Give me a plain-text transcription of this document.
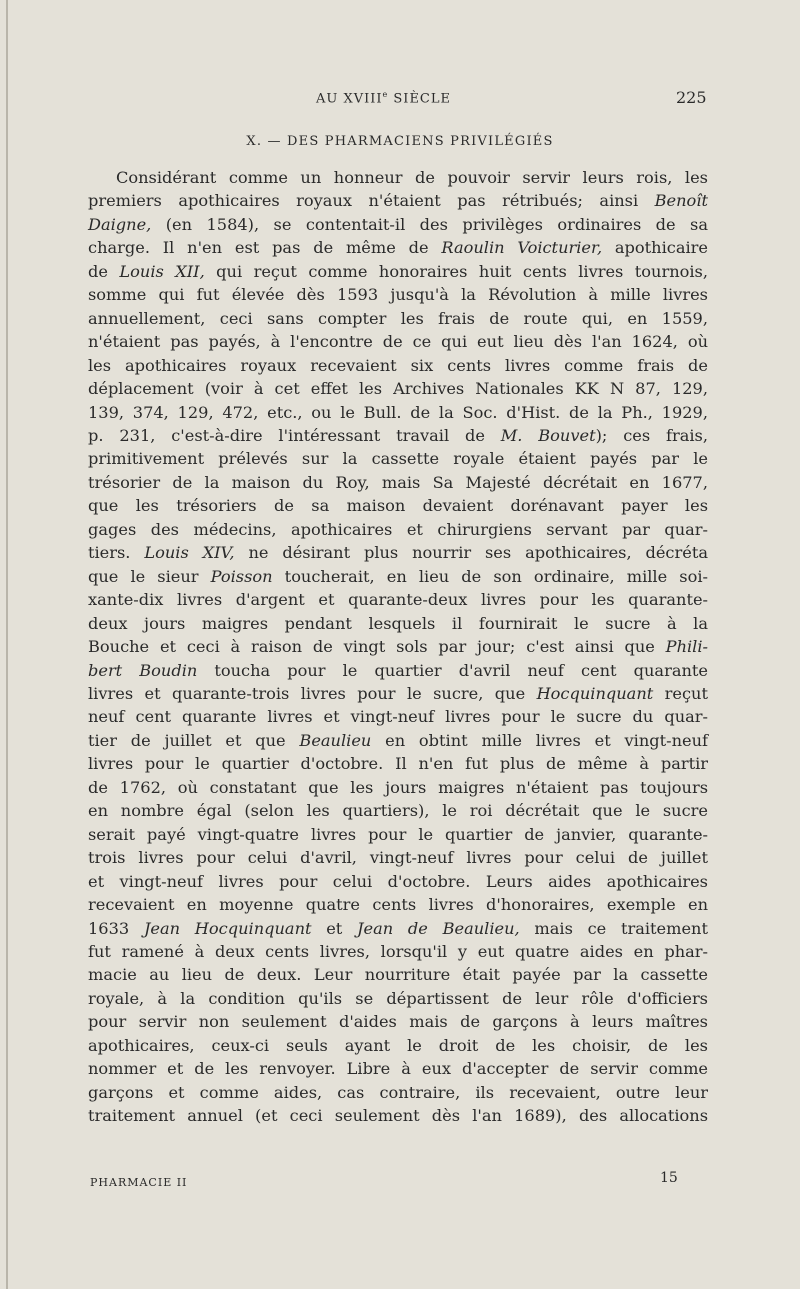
AU XVIIIe SIÈCLE	225
X. — DES PHARMACIENS PRIVILÉGIÉS
Considérant comme un honneur de pouvoir servir leurs rois, les
premiers apothicaires royaux n'étaient pas rétribués; ainsi Benoît
Daigne, (en 1584), se contentait-il des privilèges ordinaires de sa
charge. Il n'en est pas de même de Raoulin Voicturier, apothicaire
de Louis XII, qui reçut comme honoraires huit cents livres tournois,
somme qui fut élevée dès 1593 jusqu'à la Révolution à mille livres
annuellement, ceci sans compter les frais de route qui, en 1559,
n'étaient pas payés, à l'encontre de ce qui eut lieu dès l'an 1624, où
les apothicaires royaux recevaient six cents livres comme frais de
déplacement (voir à cet effet les Archives Nationales KK N 87, 129,
139, 374, 129, 472, etc., ou le Bull. de la Soc. d'Hist. de la Ph., 1929,
p. 231, c'est-à-dire l'intéressant travail de M. Bouvet); ces frais,
primitivement prélevés sur la cassette royale étaient payés par le
trésorier de la maison du Roy, mais Sa Majesté décrétait en 1677,
que les trésoriers de sa maison devaient dorénavant payer les
gages des médecins, apothicaires et chirurgiens servant par quar-
tiers. Louis XIV, ne désirant plus nourrir ses apothicaires, décréta
que le sieur Poisson toucherait, en lieu de son ordinaire, mille soi-
xante-dix livres d'argent et quarante-deux livres pour les quarante-
deux jours maigres pendant lesquels il fournirait le sucre à la
Bouche et ceci à raison de vingt sols par jour; c'est ainsi que Phili-
bert Boudin toucha pour le quartier d'avril neuf cent quarante
livres et quarante-trois livres pour le sucre, que Hocquinquant reçut
neuf cent quarante livres et vingt-neuf livres pour le sucre du quar-
tier de juillet et que Beaulieu en obtint mille livres et vingt-neuf
livres pour le quartier d'octobre. Il n'en fut plus de même à partir
de 1762, où constatant que les jours maigres n'étaient pas toujours
en nombre égal (selon les quartiers), le roi décrétait que le sucre
serait payé vingt-quatre livres pour le quartier de janvier, quarante-
trois livres pour celui d'avril, vingt-neuf livres pour celui de juillet
et vingt-neuf livres pour celui d'octobre. Leurs aides apothicaires
recevaient en moyenne quatre cents livres d'honoraires, exemple en
1633 Jean Hocquinquant et Jean de Beaulieu, mais ce traitement
fut ramené à deux cents livres, lorsqu'il y eut quatre aides en phar-
macie au lieu de deux. Leur nourriture était payée par la cassette
royale, à la condition qu'ils se départissent de leur rôle d'officiers
pour servir non seulement d'aides mais de garçons à leurs maîtres
apothicaires, ceux-ci seuls ayant le droit de les choisir, de les
nommer et de les renvoyer. Libre à eux d'accepter de servir comme
garçons et comme aides, cas contraire, ils recevaient, outre leur
traitement annuel (et ceci seulement dès l'an 1689), des allocations
PHARMACIE II	15
